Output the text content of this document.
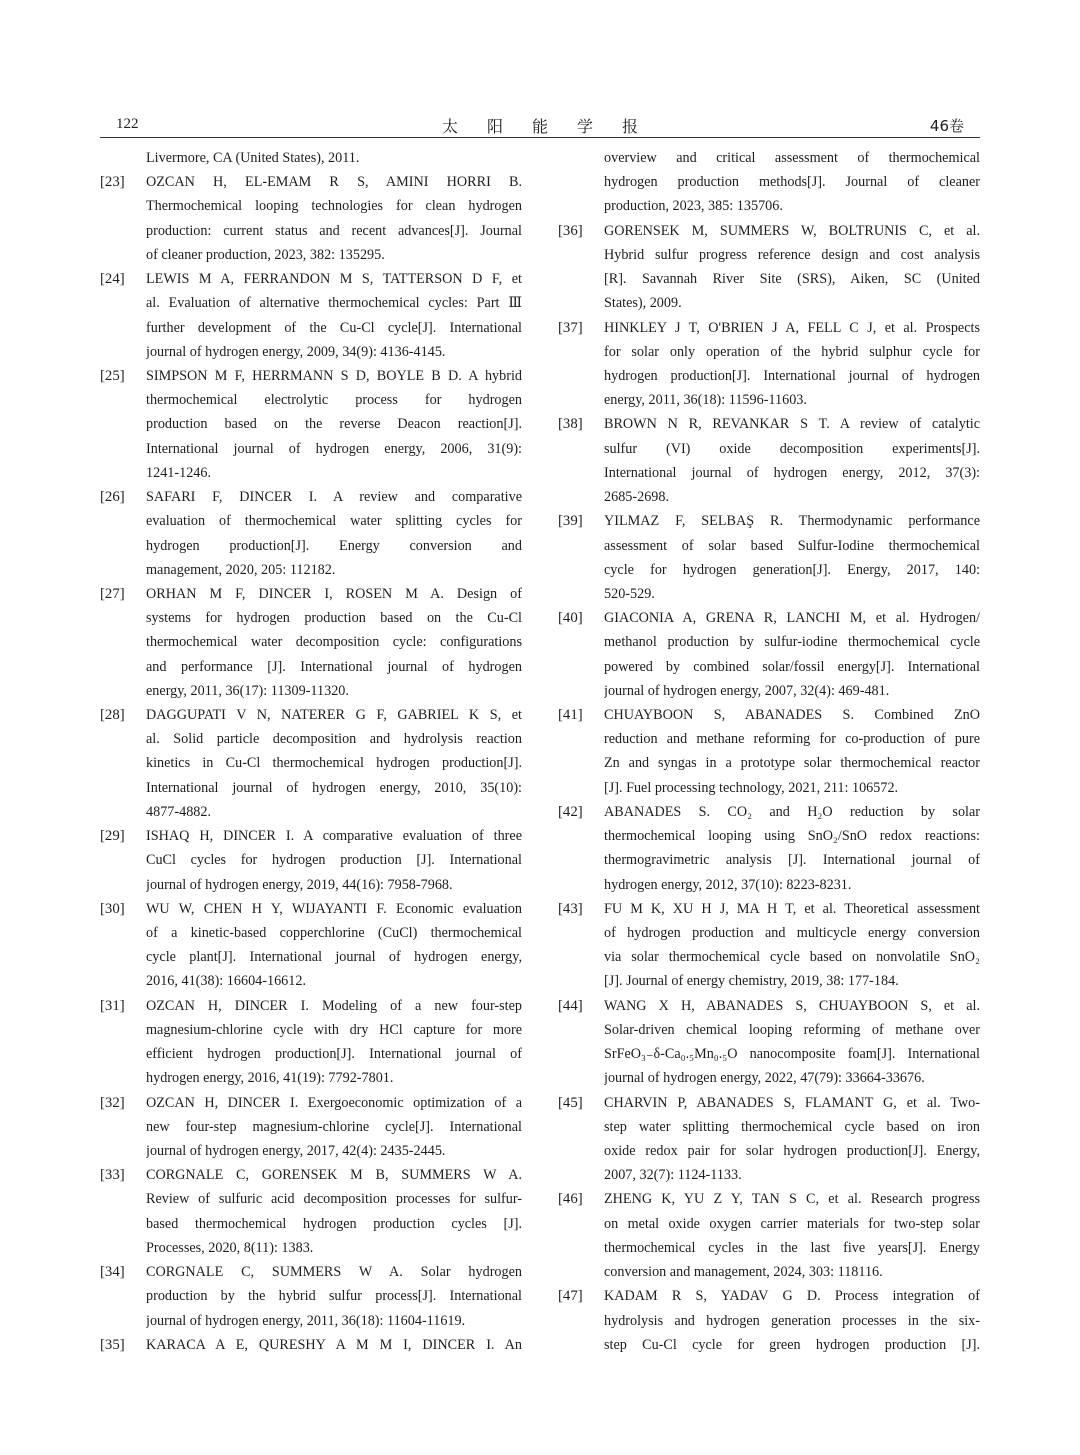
122	太阳能学报	46卷
Livermore, CA (United States), 2011.
[23]	OZCAN H, EL-EMAM R S, AMINI HORRI B.
Thermochemical looping technologies for clean hydrogen
production: current status and recent advances[J]. Journal
of cleaner production, 2023, 382: 135295.
[24]	LEWIS M A, FERRANDON M S, TATTERSON D F, et
al. Evaluation of alternative thermochemical cycles: Part Ⅲ
further development of the Cu-Cl cycle[J]. International
journal of hydrogen energy, 2009, 34(9): 4136-4145.
[25]	SIMPSON M F, HERRMANN S D, BOYLE B D. A hybrid
thermochemical electrolytic process for hydrogen
production based on the reverse Deacon reaction[J].
International journal of hydrogen energy, 2006, 31(9):
1241-1246.
[26]	SAFARI F, DINCER I. A review and comparative
evaluation of thermochemical water splitting cycles for
hydrogen production[J]. Energy conversion and
management, 2020, 205: 112182.
[27]	ORHAN M F, DINCER I, ROSEN M A. Design of
systems for hydrogen production based on the Cu-Cl
thermochemical water decomposition cycle: configurations
and performance [J]. International journal of hydrogen
energy, 2011, 36(17): 11309-11320.
[28]	DAGGUPATI V N, NATERER G F, GABRIEL K S, et
al. Solid particle decomposition and hydrolysis reaction
kinetics in Cu-Cl thermochemical hydrogen production[J].
International journal of hydrogen energy, 2010, 35(10):
4877-4882.
[29]	ISHAQ H, DINCER I. A comparative evaluation of three
CuCl cycles for hydrogen production [J]. International
journal of hydrogen energy, 2019, 44(16): 7958-7968.
[30]	WU W, CHEN H Y, WIJAYANTI F. Economic evaluation
of a kinetic-based copperchlorine (CuCl) thermochemical
cycle plant[J]. International journal of hydrogen energy,
2016, 41(38): 16604-16612.
[31]	OZCAN H, DINCER I. Modeling of a new four-step
magnesium-chlorine cycle with dry HCl capture for more
efficient hydrogen production[J]. International journal of
hydrogen energy, 2016, 41(19): 7792-7801.
[32]	OZCAN H, DINCER I. Exergoeconomic optimization of a
new four-step magnesium-chlorine cycle[J]. International
journal of hydrogen energy, 2017, 42(4): 2435-2445.
[33]	CORGNALE C, GORENSEK M B, SUMMERS W A.
Review of sulfuric acid decomposition processes for sulfur-
based thermochemical hydrogen production cycles [J].
Processes, 2020, 8(11): 1383.
[34]	CORGNALE C, SUMMERS W A. Solar hydrogen
production by the hybrid sulfur process[J]. International
journal of hydrogen energy, 2011, 36(18): 11604-11619.
[35]	KARACA A E, QURESHY A M M I, DINCER I. An
overview and critical assessment of thermochemical
hydrogen production methods[J]. Journal of cleaner
production, 2023, 385: 135706.
[36]	GORENSEK M, SUMMERS W, BOLTRUNIS C, et al.
Hybrid sulfur progress reference design and cost analysis
[R]. Savannah River Site (SRS), Aiken, SC (United
States), 2009.
[37]	HINKLEY J T, O'BRIEN J A, FELL C J, et al. Prospects
for solar only operation of the hybrid sulphur cycle for
hydrogen production[J]. International journal of hydrogen
energy, 2011, 36(18): 11596-11603.
[38]	BROWN N R, REVANKAR S T. A review of catalytic
sulfur (VI) oxide decomposition experiments[J].
International journal of hydrogen energy, 2012, 37(3):
2685-2698.
[39]	YILMAZ F, SELBAŞ R. Thermodynamic performance
assessment of solar based Sulfur-Iodine thermochemical
cycle for hydrogen generation[J]. Energy, 2017, 140:
520-529.
[40]	GIACONIA A, GRENA R, LANCHI M, et al. Hydrogen/
methanol production by sulfur-iodine thermochemical cycle
powered by combined solar/fossil energy[J]. International
journal of hydrogen energy, 2007, 32(4): 469-481.
[41]	CHUAYBOON S, ABANADES S. Combined ZnO
reduction and methane reforming for co-production of pure
Zn and syngas in a prototype solar thermochemical reactor
[J]. Fuel processing technology, 2021, 211: 106572.
[42]	ABANADES S. CO₂ and H₂O reduction by solar
thermochemical looping using SnO₂/SnO redox reactions:
thermogravimetric analysis [J]. International journal of
hydrogen energy, 2012, 37(10): 8223-8231.
[43]	FU M K, XU H J, MA H T, et al. Theoretical assessment
of hydrogen production and multicycle energy conversion
via solar thermochemical cycle based on nonvolatile SnO₂
[J]. Journal of energy chemistry, 2019, 38: 177-184.
[44]	WANG X H, ABANADES S, CHUAYBOON S, et al.
Solar-driven chemical looping reforming of methane over
SrFeO₃₋δ-Ca₀.₅Mn₀.₅O nanocomposite foam[J]. International
journal of hydrogen energy, 2022, 47(79): 33664-33676.
[45]	CHARVIN P, ABANADES S, FLAMANT G, et al. Two-
step water splitting thermochemical cycle based on iron
oxide redox pair for solar hydrogen production[J]. Energy,
2007, 32(7): 1124-1133.
[46]	ZHENG K, YU Z Y, TAN S C, et al. Research progress
on metal oxide oxygen carrier materials for two-step solar
thermochemical cycles in the last five years[J]. Energy
conversion and management, 2024, 303: 118116.
[47]	KADAM R S, YADAV G D. Process integration of
hydrolysis and hydrogen generation processes in the six-
step Cu-Cl cycle for green hydrogen production [J].
